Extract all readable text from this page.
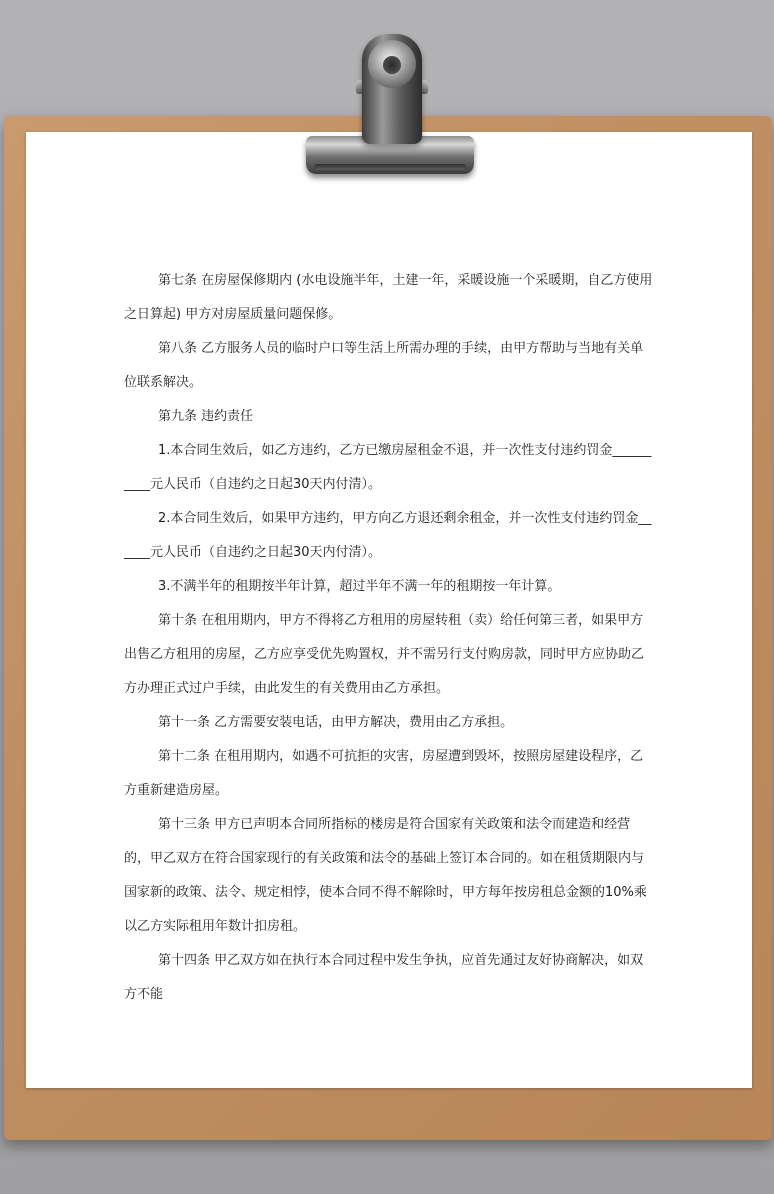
第七条 在房屋保修期内 (水电设施半年，土建一年，采暖设施一个采暖期，自乙方使用之日算起) 甲方对房屋质量问题保修。

第八条 乙方服务人员的临时户口等生活上所需办理的手续，由甲方帮助与当地有关单位联系解决。

第九条 违约责任

1.本合同生效后，如乙方违约，乙方已缴房屋租金不退，并一次性支付违约罚金__________元人民币（自违约之日起30天内付清）。

2.本合同生效后，如果甲方违约，甲方向乙方退还剩余租金，并一次性支付违约罚金______元人民币（自违约之日起30天内付清）。

3.不满半年的租期按半年计算，超过半年不满一年的租期按一年计算。

第十条 在租用期内，甲方不得将乙方租用的房屋转租（卖）给任何第三者，如果甲方出售乙方租用的房屋，乙方应享受优先购置权，并不需另行支付购房款，同时甲方应协助乙方办理正式过户手续，由此发生的有关费用由乙方承担。

第十一条 乙方需要安装电话，由甲方解决，费用由乙方承担。

第十二条 在租用期内，如遇不可抗拒的灾害，房屋遭到毁坏，按照房屋建设程序，乙方重新建造房屋。

第十三条 甲方已声明本合同所指标的楼房是符合国家有关政策和法令而建造和经营的，甲乙双方在符合国家现行的有关政策和法令的基础上签订本合同的。如在租赁期限内与国家新的政策、法令、规定相悖，使本合同不得不解除时，甲方每年按房租总金额的10%乘以乙方实际租用年数计扣房租。

第十四条 甲乙双方如在执行本合同过程中发生争执，应首先通过友好协商解决，如双方不能
